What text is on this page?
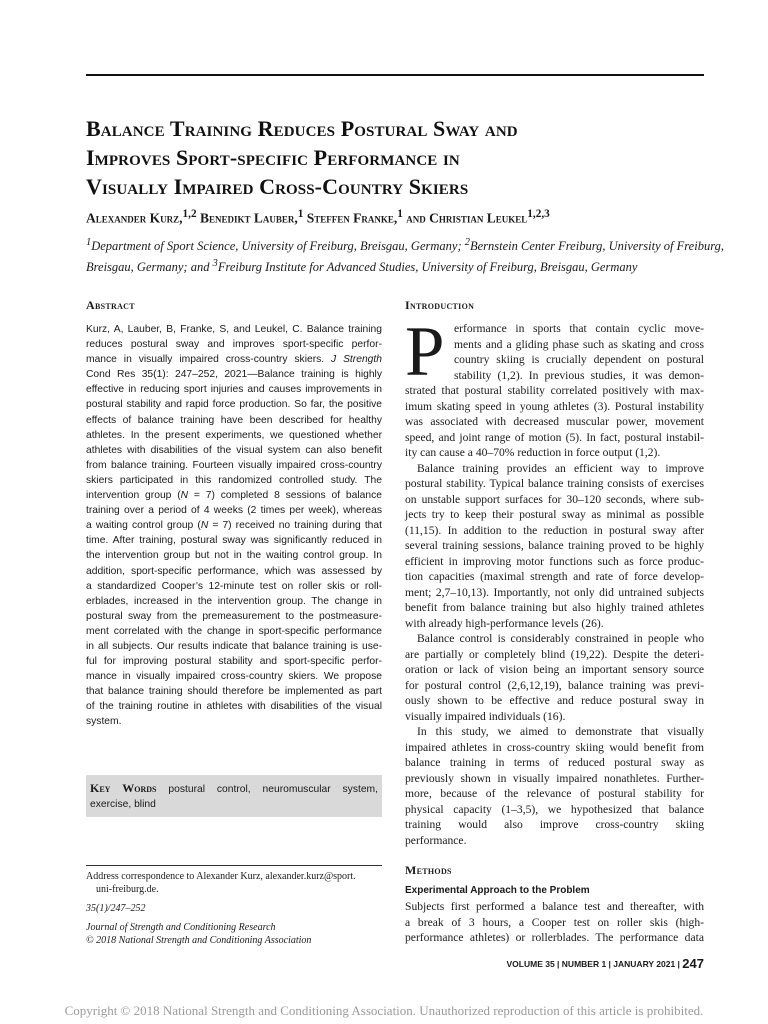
Balance Training Reduces Postural Sway and
Improves Sport-specific Performance in
Visually Impaired Cross-Country Skiers

Alexander Kurz,$^{1,2}$ Benedikt Lauber,$^1$ Steffen Franke,$^1$ and Christian Leukel$^{1,2,3}$

$^1$Department of Sport Science, University of Freiburg, Breisgau, Germany; $^2$Bernstein Center Freiburg, University of Freiburg,
Breisgau, Germany; and $^3$Freiburg Institute for Advanced Studies, University of Freiburg, Breisgau, Germany

Abstract
Kurz, A, Lauber, B, Franke, S, and Leukel, C. Balance training
reduces postural sway and improves sport-specific perfor-
mance in visually impaired cross-country skiers. J Strength
Cond Res 35(1): 247–252, 2021—Balance training is highly
effective in reducing sport injuries and causes improvements in
postural stability and rapid force production. So far, the positive
effects of balance training have been described for healthy
athletes. In the present experiments, we questioned whether
athletes with disabilities of the visual system can also benefit
from balance training. Fourteen visually impaired cross-country
skiers participated in this randomized controlled study. The
intervention group (N = 7) completed 8 sessions of balance
training over a period of 4 weeks (2 times per week), whereas
a waiting control group (N = 7) received no training during that
time. After training, postural sway was significantly reduced in
the intervention group but not in the waiting control group. In
addition, sport-specific performance, which was assessed by
a standardized Cooper’s 12-minute test on roller skis or roll-
erblades, increased in the intervention group. The change in
postural sway from the premeasurement to the postmeasure-
ment correlated with the change in sport-specific performance
in all subjects. Our results indicate that balance training is use-
ful for improving postural stability and sport-specific perfor-
mance in visually impaired cross-country skiers. We propose
that balance training should therefore be implemented as part
of the training routine in athletes with disabilities of the visual
system.
Key Words postural control, neuromuscular system,
exercise, blind
Address correspondence to Alexander Kurz, alexander.kurz@sport.
uni-freiburg.de.
35(1)/247–252
Journal of Strength and Conditioning Research
© 2018 National Strength and Conditioning Association
Introduction
P erformance in sports that contain cyclic move-
ments and a gliding phase such as skating and cross
country skiing is crucially dependent on postural
stability (1,2). In previous studies, it was demon-
strated that postural stability correlated positively with max-
imum skating speed in young athletes (3). Postural instability
was associated with decreased muscular power, movement
speed, and joint range of motion (5). In fact, postural instabil-
ity can cause a 40–70% reduction in force output (1,2).
Balance training provides an efficient way to improve
postural stability. Typical balance training consists of exercises
on unstable support surfaces for 30–120 seconds, where sub-
jects try to keep their postural sway as minimal as possible
(11,15). In addition to the reduction in postural sway after
several training sessions, balance training proved to be highly
efficient in improving motor functions such as force produc-
tion capacities (maximal strength and rate of force develop-
ment; 2,7–10,13). Importantly, not only did untrained subjects
benefit from balance training but also highly trained athletes
with already high-performance levels (26).
Balance control is considerably constrained in people who
are partially or completely blind (19,22). Despite the deteri-
oration or lack of vision being an important sensory source
for postural control (2,6,12,19), balance training was previ-
ously shown to be effective and reduce postural sway in
visually impaired individuals (16).
In this study, we aimed to demonstrate that visually
impaired athletes in cross-country skiing would benefit from
balance training in terms of reduced postural sway as
previously shown in visually impaired nonathletes. Further-
more, because of the relevance of postural stability for
physical capacity (1–3,5), we hypothesized that balance
training would also improve cross-country skiing
performance.
Methods
Experimental Approach to the Problem
Subjects first performed a balance test and thereafter, with
a break of 3 hours, a Cooper test on roller skis (high-
performance athletes) or rollerblades. The performance data
VOLUME 35 | NUMBER 1 | JANUARY 2021 | 247
Copyright © 2018 National Strength and Conditioning Association. Unauthorized reproduction of this article is prohibited.
